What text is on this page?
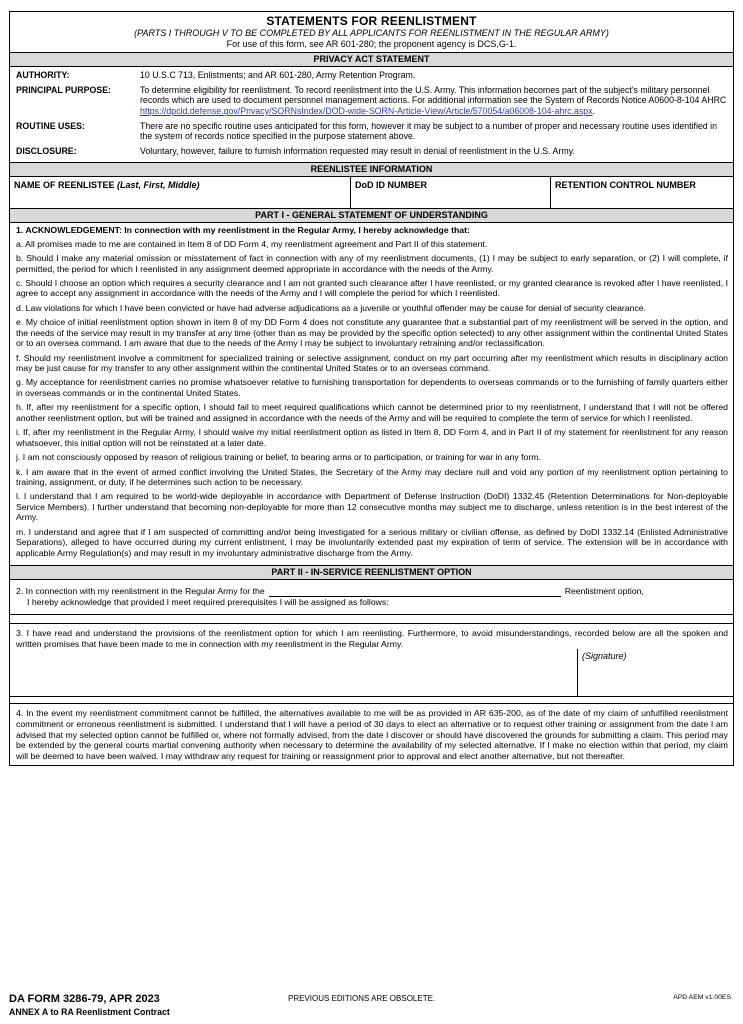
STATEMENTS FOR REENLISTMENT
(PARTS I THROUGH V TO BE COMPLETED BY ALL APPLICANTS FOR REENLISTMENT IN THE REGULAR ARMY)
For use of this form, see AR 601-280; the proponent agency is DCS,G-1.
PRIVACY ACT STATEMENT
AUTHORITY:	10 U.S.C 713, Enlistments; and AR 601-280, Army Retention Program.
PRINCIPAL PURPOSE:	To determine eligibility for reenlistment. To record reenlistment into the U.S. Army. This information becomes part of the subject's military personnel records which are used to document personnel management actions. For additional information see the System of Records Notice A0600-8-104 AHRC https://dpcld.defense.gov/Privacy/SORNsIndex/DOD-wide-SORN-Article-View/Article/570054/a06008-104-ahrc.aspx.
ROUTINE USES:	There are no specific routine uses anticipated for this form, however it may be subject to a number of proper and necessary routine uses identified in the system of records notice specified in the purpose statement above.
DISCLOSURE:	Voluntary, however, failure to furnish information requested may result in denial of reenlistment in the U.S. Army.
REENLISTEE INFORMATION
NAME OF REENLISTEE (Last, First, Middle)	DoD ID NUMBER	RETENTION CONTROL NUMBER
PART I - GENERAL STATEMENT OF UNDERSTANDING
1. ACKNOWLEDGEMENT: In connection with my reenlistment in the Regular Army, I hereby acknowledge that:
a. All promises made to me are contained in Item 8 of DD Form 4, my reenlistment agreement and Part II of this statement.
b. Should I make any material omission or misstatement of fact in connection with any of my reenlistment documents, (1) I may be subject to early separation, or (2) I will complete, if permitted, the period for which I reenlisted in any assignment deemed appropriate in accordance with the needs of the Army.
c. Should I choose an option which requires a security clearance and I am not granted such clearance after I have reenlisted, or my granted clearance is revoked after I have reenlisted, I agree to accept any assignment in accordance with the needs of the Army and I will complete the period for which I reenlisted.
d. Law violations for which I have been convicted or have had adverse adjudications as a juvenile or youthful offender may be cause for denial of security clearance.
e. My choice of initial reenlistment option shown in item 8 of my DD Form 4 does not constitute any guarantee that a substantial part of my reenlistment will be served in the option, and the needs of the service may result in my transfer at any time (other than as may be provided by the specific option selected) to any other assignment within the continental United States or to an oversea command. I am aware that due to the needs of the Army I may be subject to involuntary retraining and/or reclassification.
f. Should my reenlistment involve a commitment for specialized training or selective assignment, conduct on my part occurring after my reenlistment which results in disciplinary action may be just cause for my transfer to any other assignment within the continental United States or to an overseas command.
g. My acceptance for reenlistment carries no promise whatsoever relative to furnishing transportation for dependents to overseas commands or to the furnishing of family quarters either in overseas commands or in the continental United States.
h. If, after my reenlistment for a specific option, I should fail to meet required qualifications which cannot be determined prior to my reenlistment, I understand that I will not be offered another reenlistment option, but will be trained and assigned in accordance with the needs of the Army and will be required to complete the term of service for which I reenlisted.
i. If, after my reenlistment in the Regular Army, I should waive my initial reenlistment option as listed in Item 8, DD Form 4, and in Part II of my statement for reenlistment for any reason whatsoever, this initial option will not be reinstated at a later date.
j. I am not consciously opposed by reason of religious training or belief, to bearing arms or to participation, or training for war in any form.
k. I am aware that in the event of armed conflict involving the United States, the Secretary of the Army may declare null and void any portion of my reenlistment option pertaining to training, assignment, or duty, if he determines such action to be necessary.
l. I understand that I am required to be world-wide deployable in accordance with Department of Defense Instruction (DoDI) 1332.45 (Retention Determinations for Non-deployable Service Members). I further understand that becoming non-deployable for more than 12 consecutive months may subject me to discharge, unless retention is in the best interest of the Army.
m. I understand and agree that if I am suspected of committing and/or being investigated for a serious military or civilian offense, as defined by DoDI 1332.14 (Enlisted Administrative Separations), alleged to have occurred during my current enlistment, I may be involuntarily extended past my expiration of term of service. The extension will be in accordance with applicable Army Regulation(s) and may result in my involuntary administrative discharge from the Army.
PART II - IN-SERVICE REENLISTMENT OPTION
2. In connection with my reenlistment in the Regular Army for the	Reenlistment option,
I hereby acknowledge that provided I meet required prerequisites I will be assigned as follows:
3. I have read and understand the provisions of the reenlistment option for which I am reenlisting. Furthermore, to avoid misunderstandings, recorded below are all the spoken and written promises that have been made to me in connection with my reenlistment in the Regular Army.
(Signature)
4. In the event my reenlistment commitment cannot be fulfilled, the alternatives available to me will be as provided in AR 635-200, as of the date of my claim of unfulfilled reenlistment commitment or erroneous reenlistment is submitted. I understand that I will have a period of 30 days to elect an alternative or to request other training or assignment from the date I am advised that my selected option cannot be fulfilled or, where not formally advised, from the date I discover or should have discovered the grounds for submitting a claim. This period may be extended by the general courts martial convening authority when necessary to determine the availability of my selected alternative. If I make no election within that period, my claim will be deemed to have been waived. I may withdraw any request for training or reassignment prior to approval and elect another alternative, but not thereafter.
DA FORM 3286-79, APR 2023
ANNEX A to RA Reenlistment Contract
PREVIOUS EDITIONS ARE OBSOLETE.	APD AEM v1.00ES
